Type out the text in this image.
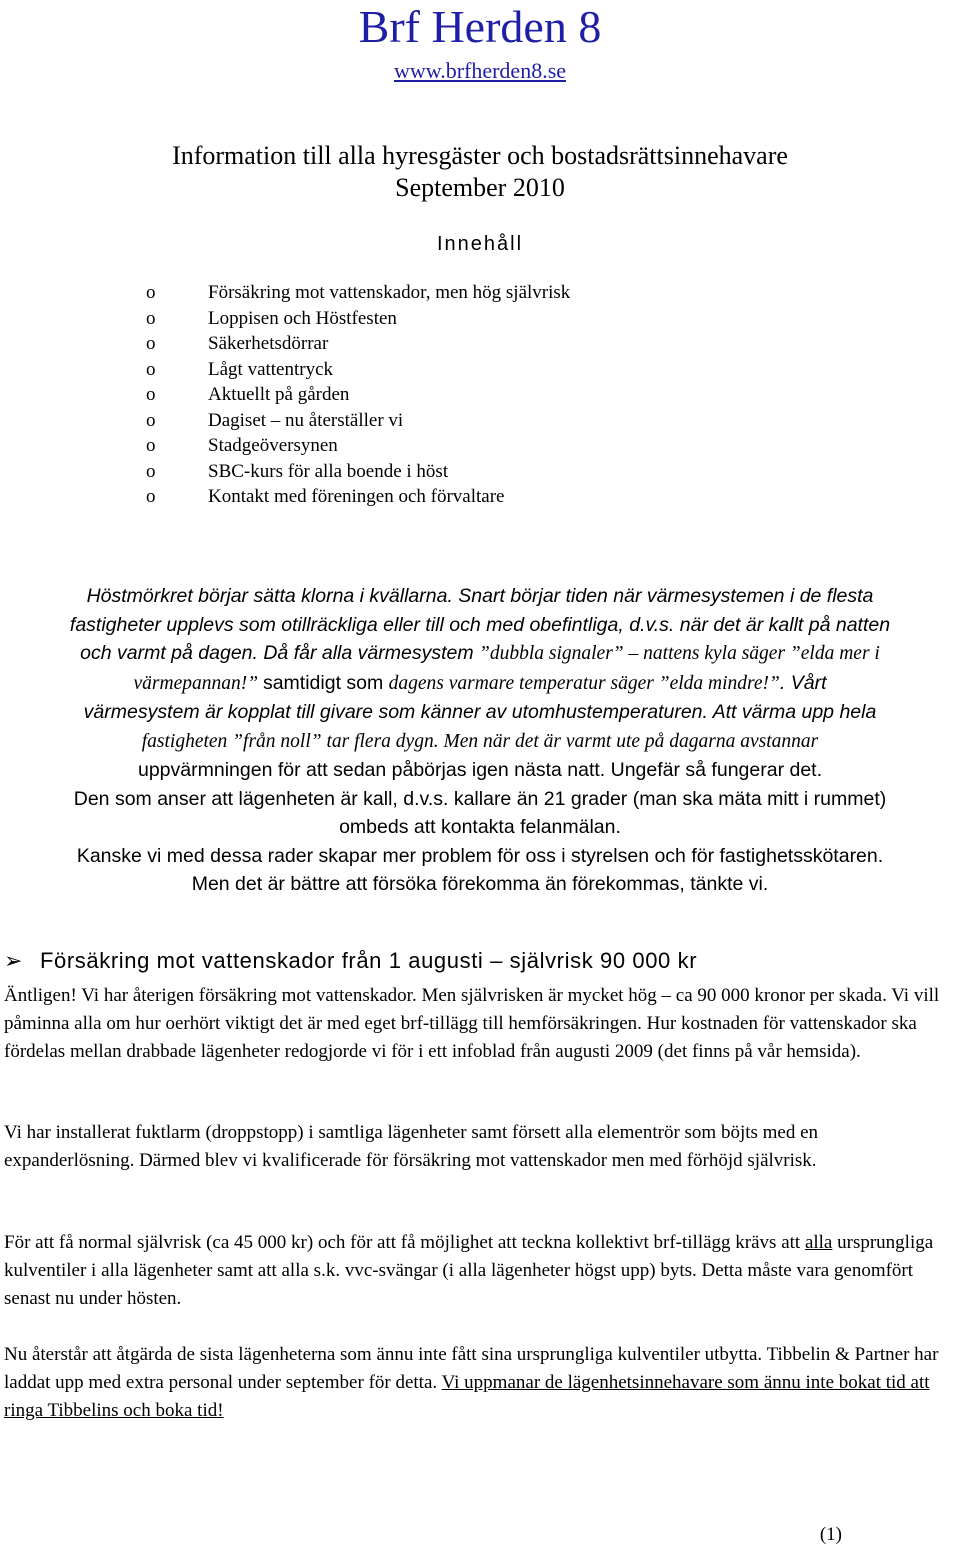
Brf Herden 8
www.brfherden8.se
Information till alla hyresgäster och bostadsrättsinnehavare
September 2010
Innehåll
o	Försäkring mot vattenskador, men hög självrisk
o	Loppisen och Höstfesten
o	Säkerhetsdörrar
o	Lågt vattentryck
o	Aktuellt på gården
o	Dagiset – nu återställer vi
o	Stadgeöversynen
o	SBC-kurs för alla boende i höst
o	Kontakt med föreningen och förvaltare
Höstmörkret börjar sätta klorna i kvällarna. Snart börjar tiden när värmesystemen i de flesta
fastigheter upplevs som otillräckliga eller till och med obefintliga, d.v.s. när det är kallt på natten
och varmt på dagen. Då får alla värmesystem ”dubbla signaler” – nattens kyla säger ”elda mer i
värmepannan!” samtidigt som dagens varmare temperatur säger ”elda mindre!”. Vårt
värmesystem är kopplat till givare som känner av utomhustemperaturen. Att värma upp hela
fastigheten ”från noll” tar flera dygn. Men när det är varmt ute på dagarna avstannar
uppvärmningen för att sedan påbörjas igen nästa natt. Ungefär så fungerar det.
Den som anser att lägenheten är kall, d.v.s. kallare än 21 grader (man ska mäta mitt i rummet)
ombeds att kontakta felanmälan.
Kanske vi med dessa rader skapar mer problem för oss i styrelsen och för fastighetsskötaren.
Men det är bättre att försöka förekomma än förekommas, tänkte vi.
➢ Försäkring mot vattenskador från 1 augusti – självrisk 90 000 kr

Äntligen! Vi har återigen försäkring mot vattenskador. Men självrisken är mycket hög – ca 90 000 kronor per skada. Vi vill påminna alla om hur oerhört viktigt det är med eget brf-tillägg till hemförsäkringen. Hur kostnaden för vattenskador ska fördelas mellan drabbade lägenheter redogjorde vi för i ett infoblad från augusti 2009 (det finns på vår hemsida).

Vi har installerat fuktlarm (droppstopp) i samtliga lägenheter samt försett alla elementrör som böjts med en expanderlösning. Därmed blev vi kvalificerade för försäkring mot vattenskador men med förhöjd självrisk.

För att få normal självrisk (ca 45 000 kr) och för att få möjlighet att teckna kollektivt brf-tillägg krävs att alla ursprungliga kulventiler i alla lägenheter samt att alla s.k. vvc-svängar (i alla lägenheter högst upp) byts. Detta måste vara genomfört senast nu under hösten.

Nu återstår att åtgärda de sista lägenheterna som ännu inte fått sina ursprungliga kulventiler utbytta. Tibbelin & Partner har laddat upp med extra personal under september för detta. Vi uppmanar de lägenhetsinnehavare som ännu inte bokat tid att ringa Tibbelins och boka tid!

(1)
